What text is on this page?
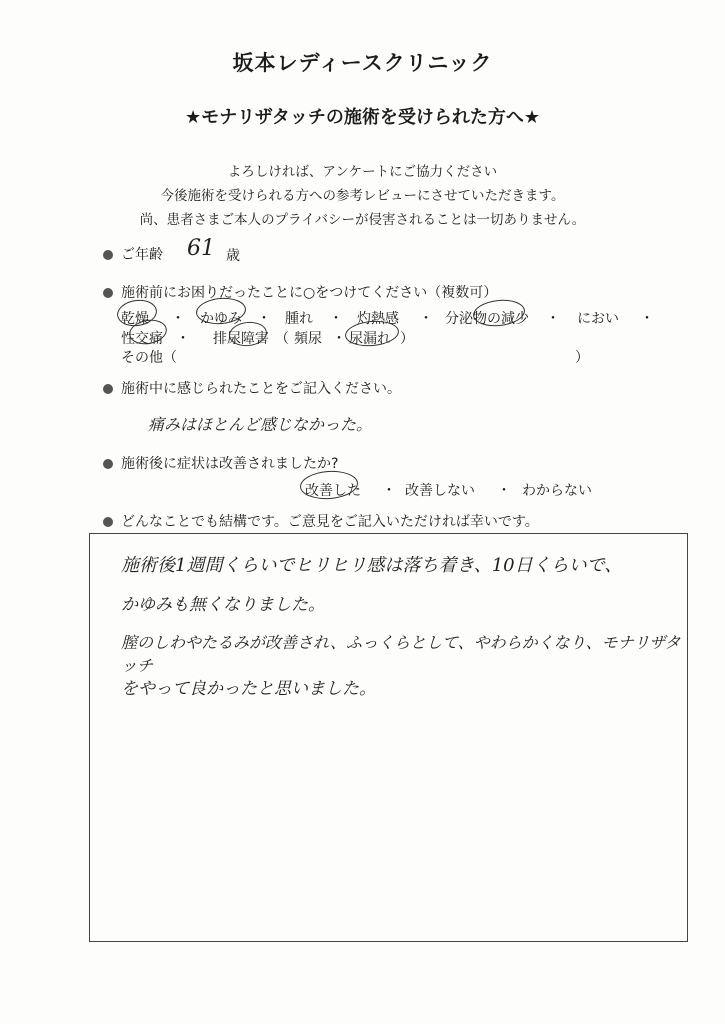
坂本レディースクリニック
★モナリザタッチの施術を受けられた方へ★
よろしければ、アンケートにご協力ください
今後施術を受けられる方への参考レビューにさせていただきます。
尚、患者さまご本人のプライバシーが侵害されることは一切ありません。
ご年齢 61 歳
施術前にお困りだったことに○をつけてください（複数可）
乾燥 ・ かゆみ ・ 腫れ ・ 灼熱感 ・ 分泌物の減少 ・ におい ・
性交痛 ・ 排尿障害 （ 頻尿 ・ 尿漏れ ）
その他（	）
施術中に感じられたことをご記入ください。
痛みはほとんど感じなかった。
施術後に症状は改善されましたか?
改善した ・ 改善しない ・ わからない
どんなことでも結構です。ご意見をご記入いただければ幸いです。
施術後1週間くらいでヒリヒリ感は落ち着き、10日くらいで、
かゆみも無くなりました。
膣のしわやたるみが改善され、ふっくらとして、やわらかくなり、モナリザタッチ
をやって良かったと思いました。
